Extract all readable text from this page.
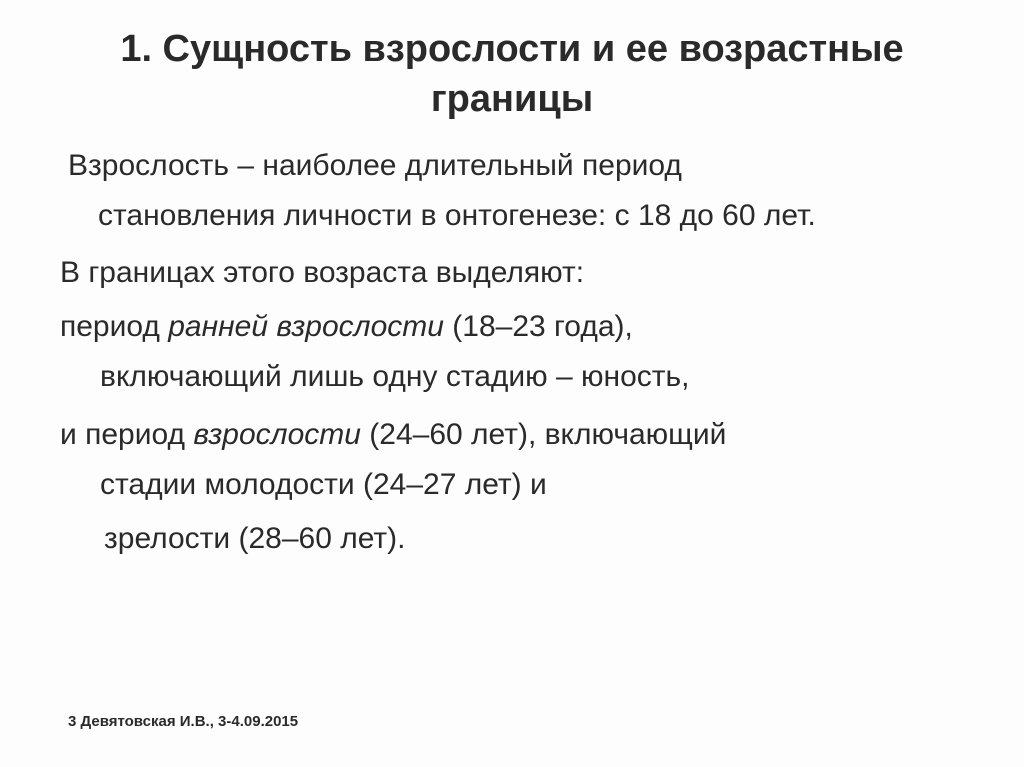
1. Сущность взрослости и ее возрастные границы
Взрослость – наиболее длительный период
становления личности в онтогенезе: с 18 до 60 лет.
В границах этого возраста выделяют:
период ранней взрослости (18–23 года),
включающий лишь одну стадию – юность,
и период взрослости (24–60 лет), включающий
стадии молодости (24–27 лет) и
зрелости (28–60 лет).
3 Девятовская И.В., 3-4.09.2015
